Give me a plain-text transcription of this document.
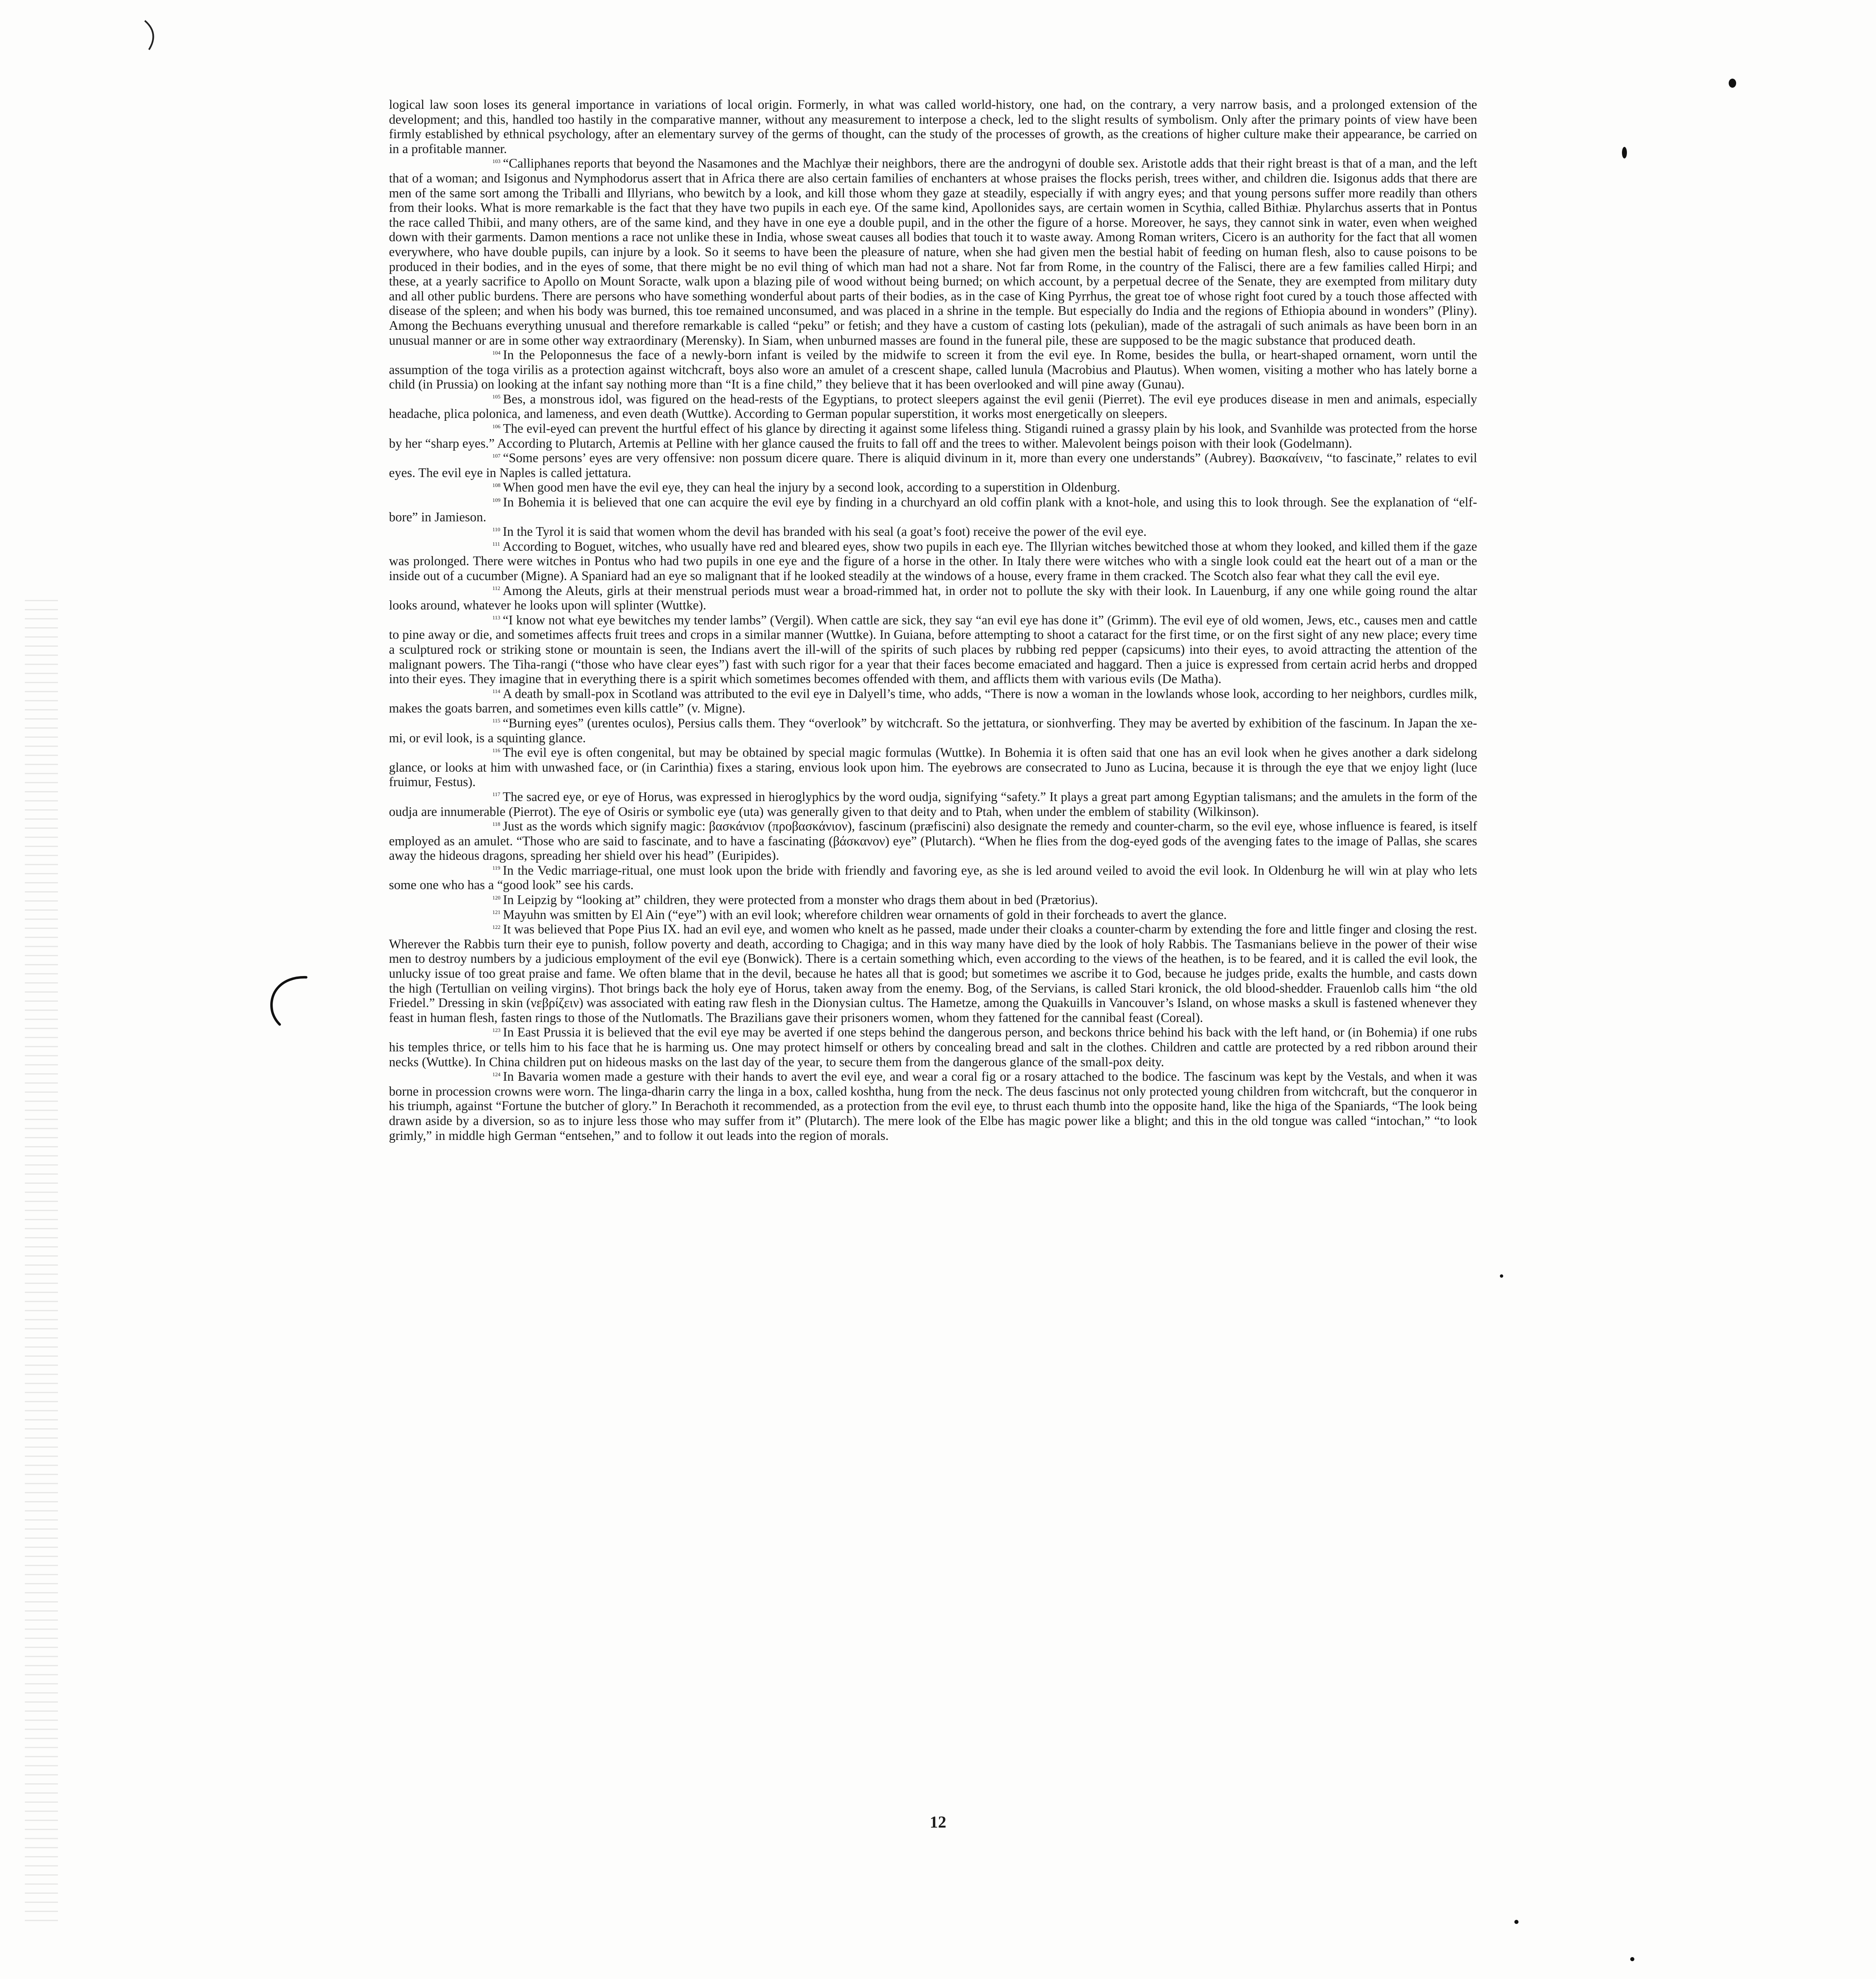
logical law soon loses its general importance in variations of local origin. Formerly, in what was called world-history, one had, on the contrary, a very narrow basis, and a prolonged extension of the development; and this, handled too hastily in the comparative manner, without any measurement to interpose a check, led to the slight results of symbolism. Only after the primary points of view have been firmly established by ethnical psychology, after an elementary survey of the germs of thought, can the study of the processes of growth, as the creations of higher culture make their appearance, be carried on in a profitable manner.

$^{103}$ “Calliphanes reports that beyond the Nasamones and the Machlyæ their neighbors, there are the androgyni of double sex. Aristotle adds that their right breast is that of a man, and the left that of a woman; and Isigonus and Nymphodorus assert that in Africa there are also certain families of enchanters at whose praises the flocks perish, trees wither, and children die. Isigonus adds that there are men of the same sort among the Triballi and Illyrians, who bewitch by a look, and kill those whom they gaze at steadily, especially if with angry eyes; and that young persons suffer more readily than others from their looks. What is more remarkable is the fact that they have two pupils in each eye. Of the same kind, Apollonides says, are certain women in Scythia, called Bithiæ. Phylarchus asserts that in Pontus the race called Thibii, and many others, are of the same kind, and they have in one eye a double pupil, and in the other the figure of a horse. Moreover, he says, they cannot sink in water, even when weighed down with their garments. Damon mentions a race not unlike these in India, whose sweat causes all bodies that touch it to waste away. Among Roman writers, Cicero is an authority for the fact that all women everywhere, who have double pupils, can injure by a look. So it seems to have been the pleasure of nature, when she had given men the bestial habit of feeding on human flesh, also to cause poisons to be produced in their bodies, and in the eyes of some, that there might be no evil thing of which man had not a share. Not far from Rome, in the country of the Falisci, there are a few families called Hirpi; and these, at a yearly sacrifice to Apollo on Mount Soracte, walk upon a blazing pile of wood without being burned; on which account, by a perpetual decree of the Senate, they are exempted from military duty and all other public burdens. There are persons who have something wonderful about parts of their bodies, as in the case of King Pyrrhus, the great toe of whose right foot cured by a touch those affected with disease of the spleen; and when his body was burned, this toe remained unconsumed, and was placed in a shrine in the temple. But especially do India and the regions of Ethiopia abound in wonders” (Pliny). Among the Bechuans everything unusual and therefore remarkable is called “peku” or fetish; and they have a custom of casting lots (pekulian), made of the astragali of such animals as have been born in an unusual manner or are in some other way extraordinary (Merensky). In Siam, when unburned masses are found in the funeral pile, these are supposed to be the magic substance that produced death.

$^{104}$ In the Peloponnesus the face of a newly-born infant is veiled by the midwife to screen it from the evil eye. In Rome, besides the bulla, or heart-shaped ornament, worn until the assumption of the toga virilis as a protection against witchcraft, boys also wore an amulet of a crescent shape, called lunula (Macrobius and Plautus). When women, visiting a mother who has lately borne a child (in Prussia) on looking at the infant say nothing more than “It is a fine child,” they believe that it has been overlooked and will pine away (Gunau).

$^{105}$ Bes, a monstrous idol, was figured on the head-rests of the Egyptians, to protect sleepers against the evil genii (Pierret). The evil eye produces disease in men and animals, especially headache, plica polonica, and lameness, and even death (Wuttke). According to German popular superstition, it works most energetically on sleepers.

$^{106}$ The evil-eyed can prevent the hurtful effect of his glance by directing it against some lifeless thing. Stigandi ruined a grassy plain by his look, and Svanhilde was protected from the horse by her “sharp eyes.” According to Plutarch, Artemis at Pelline with her glance caused the fruits to fall off and the trees to wither. Malevolent beings poison with their look (Godelmann).

$^{107}$ “Some persons’ eyes are very offensive: non possum dicere quare. There is aliquid divinum in it, more than every one understands” (Aubrey). Βασκαίνειν, “to fascinate,” relates to evil eyes. The evil eye in Naples is called jettatura.

$^{108}$ When good men have the evil eye, they can heal the injury by a second look, according to a superstition in Oldenburg.

$^{109}$ In Bohemia it is believed that one can acquire the evil eye by finding in a churchyard an old coffin plank with a knot-hole, and using this to look through. See the explanation of “elf-bore” in Jamieson.

$^{110}$ In the Tyrol it is said that women whom the devil has branded with his seal (a goat’s foot) receive the power of the evil eye.

$^{111}$ According to Boguet, witches, who usually have red and bleared eyes, show two pupils in each eye. The Illyrian witches bewitched those at whom they looked, and killed them if the gaze was prolonged. There were witches in Pontus who had two pupils in one eye and the figure of a horse in the other. In Italy there were witches who with a single look could eat the heart out of a man or the inside out of a cucumber (Migne). A Spaniard had an eye so malignant that if he looked steadily at the windows of a house, every frame in them cracked. The Scotch also fear what they call the evil eye.

$^{112}$ Among the Aleuts, girls at their menstrual periods must wear a broad-rimmed hat, in order not to pollute the sky with their look. In Lauenburg, if any one while going round the altar looks around, whatever he looks upon will splinter (Wuttke).

$^{113}$ “I know not what eye bewitches my tender lambs” (Vergil). When cattle are sick, they say “an evil eye has done it” (Grimm). The evil eye of old women, Jews, etc., causes men and cattle to pine away or die, and sometimes affects fruit trees and crops in a similar manner (Wuttke). In Guiana, before attempting to shoot a cataract for the first time, or on the first sight of any new place; every time a sculptured rock or striking stone or mountain is seen, the Indians avert the ill-will of the spirits of such places by rubbing red pepper (capsicums) into their eyes, to avoid attracting the attention of the malignant powers. The Tiha-rangi (“those who have clear eyes”) fast with such rigor for a year that their faces become emaciated and haggard. Then a juice is expressed from certain acrid herbs and dropped into their eyes. They imagine that in everything there is a spirit which sometimes becomes offended with them, and afflicts them with various evils (De Matha).

$^{114}$ A death by small-pox in Scotland was attributed to the evil eye in Dalyell’s time, who adds, “There is now a woman in the lowlands whose look, according to her neighbors, curdles milk, makes the goats barren, and sometimes even kills cattle” (v. Migne).

$^{115}$ “Burning eyes” (urentes oculos), Persius calls them. They “overlook” by witchcraft. So the jettatura, or sionhverfing. They may be averted by exhibition of the fascinum. In Japan the xe-mi, or evil look, is a squinting glance.

$^{116}$ The evil eye is often congenital, but may be obtained by special magic formulas (Wuttke). In Bohemia it is often said that one has an evil look when he gives another a dark sidelong glance, or looks at him with unwashed face, or (in Carinthia) fixes a staring, envious look upon him. The eyebrows are consecrated to Juno as Lucina, because it is through the eye that we enjoy light (luce fruimur, Festus).

$^{117}$ The sacred eye, or eye of Horus, was expressed in hieroglyphics by the word oudja, signifying “safety.” It plays a great part among Egyptian talismans; and the amulets in the form of the oudja are innumerable (Pierrot). The eye of Osiris or symbolic eye (uta) was generally given to that deity and to Ptah, when under the emblem of stability (Wilkinson).

$^{118}$ Just as the words which signify magic: βασκάνιον (προβασκάνιον), fascinum (præfiscini) also designate the remedy and counter-charm, so the evil eye, whose influence is feared, is itself employed as an amulet. “Those who are said to fascinate, and to have a fascinating (βάσκανον) eye” (Plutarch). “When he flies from the dog-eyed gods of the avenging fates to the image of Pallas, she scares away the hideous dragons, spreading her shield over his head” (Euripides).

$^{119}$ In the Vedic marriage-ritual, one must look upon the bride with friendly and favoring eye, as she is led around veiled to avoid the evil look. In Oldenburg he will win at play who lets some one who has a “good look” see his cards.

$^{120}$ In Leipzig by “looking at” children, they were protected from a monster who drags them about in bed (Prætorius).

$^{121}$ Mayuhn was smitten by El Ain (“eye”) with an evil look; wherefore children wear ornaments of gold in their forcheads to avert the glance.

$^{122}$ It was believed that Pope Pius IX. had an evil eye, and women who knelt as he passed, made under their cloaks a counter-charm by extending the fore and little finger and closing the rest. Wherever the Rabbis turn their eye to punish, follow poverty and death, according to Chagiga; and in this way many have died by the look of holy Rabbis. The Tasmanians believe in the power of their wise men to destroy numbers by a judicious employment of the evil eye (Bonwick). There is a certain something which, even according to the views of the heathen, is to be feared, and it is called the evil look, the unlucky issue of too great praise and fame. We often blame that in the devil, because he hates all that is good; but sometimes we ascribe it to God, because he judges pride, exalts the humble, and casts down the high (Tertullian on veiling virgins). Thot brings back the holy eye of Horus, taken away from the enemy. Bog, of the Servians, is called Stari kronick, the old blood-shedder. Frauenlob calls him “the old Friedel.” Dressing in skin (νεβρίζειν) was associated with eating raw flesh in the Dionysian cultus. The Hametze, among the Quakuills in Vancouver’s Island, on whose masks a skull is fastened whenever they feast in human flesh, fasten rings to those of the Nutlomatls. The Brazilians gave their prisoners women, whom they fattened for the cannibal feast (Coreal).

$^{123}$ In East Prussia it is believed that the evil eye may be averted if one steps behind the dangerous person, and beckons thrice behind his back with the left hand, or (in Bohemia) if one rubs his temples thrice, or tells him to his face that he is harming us. One may protect himself or others by concealing bread and salt in the clothes. Children and cattle are protected by a red ribbon around their necks (Wuttke). In China children put on hideous masks on the last day of the year, to secure them from the dangerous glance of the small-pox deity.

$^{124}$ In Bavaria women made a gesture with their hands to avert the evil eye, and wear a coral fig or a rosary attached to the bodice. The fascinum was kept by the Vestals, and when it was borne in procession crowns were worn. The linga-dharin carry the linga in a box, called koshtha, hung from the neck. The deus fascinus not only protected young children from witchcraft, but the conqueror in his triumph, against “Fortune the butcher of glory.” In Berachoth it recommended, as a protection from the evil eye, to thrust each thumb into the opposite hand, like the higa of the Spaniards, “The look being drawn aside by a diversion, so as to injure less those who may suffer from it” (Plutarch). The mere look of the Elbe has magic power like a blight; and this in the old tongue was called “intochan,” “to look grimly,” in middle high German “entsehen,” and to follow it out leads into the region of morals.

12
